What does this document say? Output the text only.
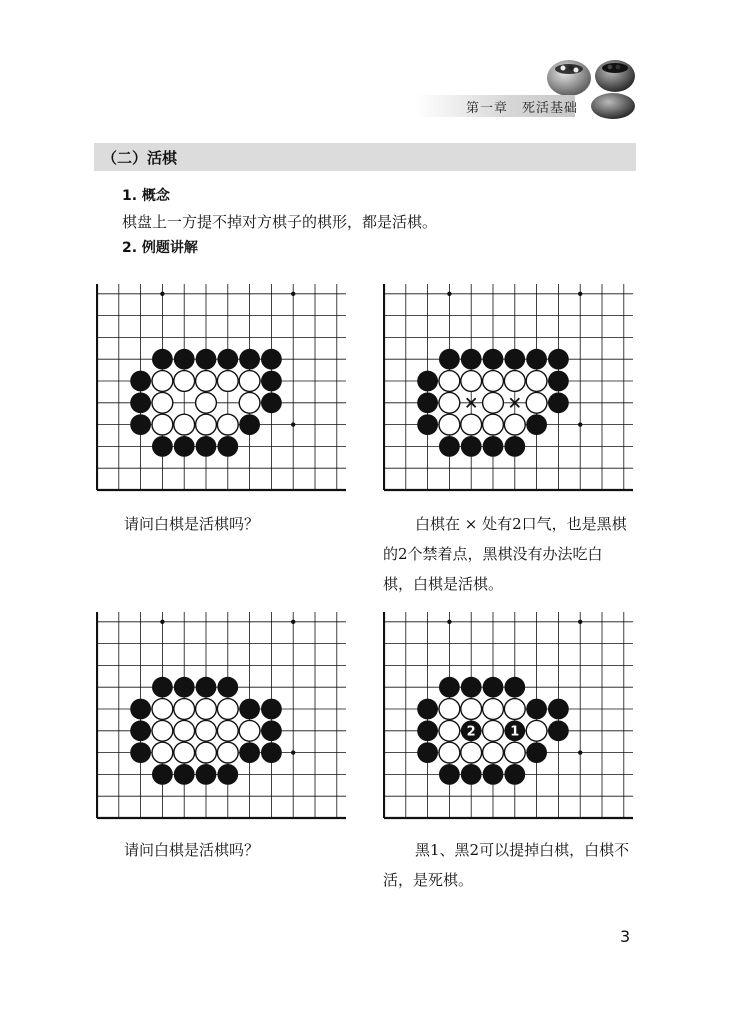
第一章　死活基础
（二）活棋
1. 概念
棋盘上一方提不掉对方棋子的棋形，都是活棋。
2. 例题讲解
2	1
请问白棋是活棋吗？	白棋在 × 处有2口气，也是黑棋
的2个禁着点，黑棋没有办法吃白
棋，白棋是活棋。
请问白棋是活棋吗？	黑1、黑2可以提掉白棋，白棋不
活，是死棋。
3
